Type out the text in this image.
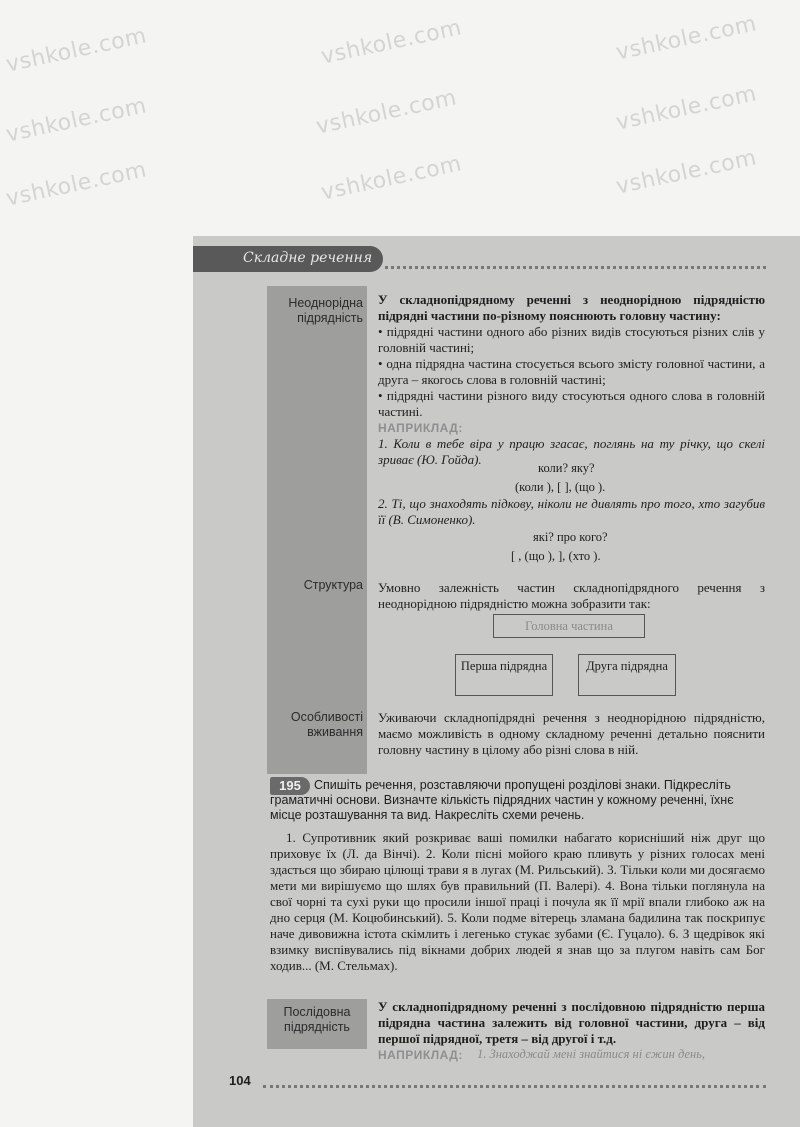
vshkole.com	vshkole.com	vshkole.com
vshkole.com	vshkole.com	vshkole.com
vshkole.com	vshkole.com	vshkole.com
Складне речення
Неоднорідна підрядність
У складнопідрядному реченні з неоднорідною підрядністю підрядні частини по-різному пояснюють головну частину:
• підрядні частини одного або різних видів стосуються різних слів у головній частині;
• одна підрядна частина стосується всього змісту головної частини, а друга – якогось слова в головній частині;
• підрядні частини різного виду стосуються одного слова в головній частині.
НАПРИКЛАД:
1. Коли в тебе віра у працю згасає, поглянь на ту річку, що скелі зриває (Ю. Гойда).
коли? яку?
(коли ), [ ], (що ).
2. Ті, що знаходять підкову, ніколи не дивлять про того, хто загубив її (В. Симоненко).
які? про кого?
[ , (що ), ], (хто ).
Структура Умовно залежність частин складнопідрядного речення з неоднорідною підрядністю можна зобразити так:
Головна частина
Перша підрядна	Друга підрядна
Особливості вживання
Уживаючи складнопідрядні речення з неоднорідною підрядністю, маємо можливість в одному складному реченні детально пояснити головну частину в цілому або різні слова в ній.
195	Спишіть речення, розставляючи пропущені розділові знаки. Підкресліть граматичні основи. Визначте кількість підрядних частин у кожному реченні, їхнє місце розташування та вид. Накресліть схеми речень.
1. Супротивник який розкриває ваші помилки набагато корисніший ніж друг що приховує їх (Л. да Вінчі). 2. Коли пісні мойого краю пливуть у різних голосах мені здасться що збираю цілющі трави я в лугах (М. Рильський). 3. Тільки коли ми досягаємо мети ми вирішуємо що шлях був правильний (П. Валері). 4. Вона тільки поглянула на свої чорні та сухі руки що просили іншої праці і почула як її мрії впали глибоко аж на дно серця (М. Коцюбинський). 5. Коли подме вітерець зламана бадилина так поскрипує наче дивовижна істота скімлить і легенько стукає зубами (Є. Гуцало). 6. З щедрівок які взимку виспівувались під вікнами добрих людей я знав що за плугом навіть сам Бог ходив... (М. Стельмах).
Послідовна підрядність
У складнопідрядному реченні з послідовною підрядністю перша підрядна частина залежить від головної частини, друга – від першої підрядної, третя – від другої і т.д.
НАПРИКЛАД: 1. Знаходжай мені знайтися ні єжин день,
104
